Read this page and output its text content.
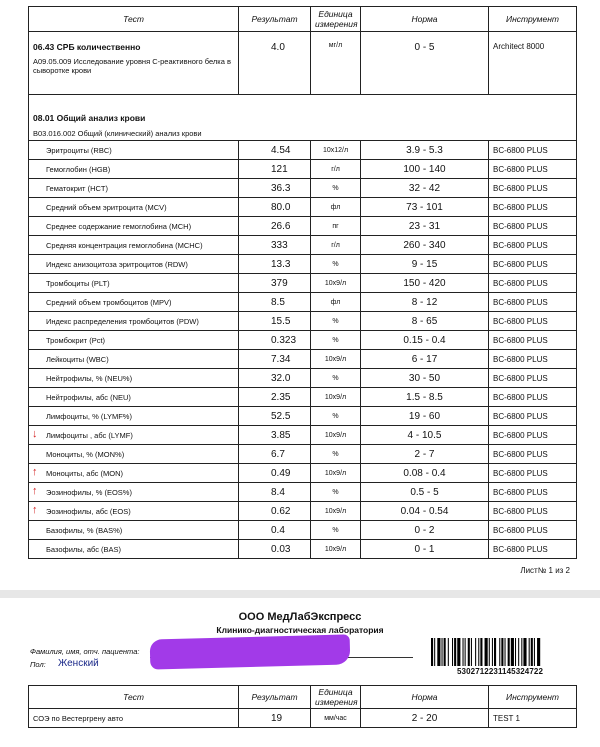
Тест	Результат	Единица измерения	Норма	Инструмент

06.43 СРБ количественно
A09.05.009 Исследование уровня С-реактивного белка в сыворотке крови	4.0	мг/л	0 - 5	Architect 8000
08.01 Общий анализ крови				
B03.016.002 Общий (клинический) анализ крови				

Эритроциты (RBC)	4.54	10x12/л	3.9 - 5.3	BC-6800 PLUS

Гемоглобин (HGB)	121	г/л	100 - 140	BC-6800 PLUS

Гематокрит (HCT)	36.3	%	32 - 42	BC-6800 PLUS

Средний объем эритроцита (MCV)	80.0	фл	73 - 101	BC-6800 PLUS

Среднее содержание гемоглобина (MCH)	26.6	пг	23 - 31	BC-6800 PLUS

Средняя концентрация гемоглобина (MCHC)	333	г/л	260 - 340	BC-6800 PLUS

Индекс анизоцитоза эритроцитов (RDW)	13.3	%	9 - 15	BC-6800 PLUS

Тромбоциты (PLT)	379	10x9/л	150 - 420	BC-6800 PLUS

Средний объем тромбоцитов (MPV)	8.5	фл	8 - 12	BC-6800 PLUS

Индекс распределения тромбоцитов (PDW)	15.5	%	8 - 65	BC-6800 PLUS

Тромбокрит (Pct)	0.323	%	0.15 - 0.4	BC-6800 PLUS

Лейкоциты (WBC)	7.34	10x9/л	6 - 17	BC-6800 PLUS

Нейтрофилы, % (NEU%)	32.0	%	30 - 50	BC-6800 PLUS

Нейтрофилы, абс (NEU)	2.35	10x9/л	1.5 - 8.5	BC-6800 PLUS

Лимфоциты, % (LYMF%)	52.5	%	19 - 60	BC-6800 PLUS

↓ Лимфоциты , абс (LYMF)	3.85	10x9/л	4 - 10.5	BC-6800 PLUS

Моноциты, % (MON%)	6.7	%	2 - 7	BC-6800 PLUS

↑ Моноциты, абс (MON)	0.49	10x9/л	0.08 - 0.4	BC-6800 PLUS

↑ Эозинофилы, % (EOS%)	8.4	%	0.5 - 5	BC-6800 PLUS

↑ Эозинофилы, абс (EOS)	0.62	10x9/л	0.04 - 0.54	BC-6800 PLUS

Базофилы, % (BAS%)	0.4	%	0 - 2	BC-6800 PLUS

Базофилы, абс (BAS)	0.03	10x9/л	0 - 1	BC-6800 PLUS
Лист№ 1 из 2
ООО МедЛабЭкспресс
Клинико-диагностическая лаборатория
Фамилия, имя, отч. пациента:
Пол: Женский
53027122311453247​22
Тест	Результат	Единица измерения	Норма	Инструмент
СОЭ по Вестергрену авто	19	мм/час	2 - 20	TEST 1
